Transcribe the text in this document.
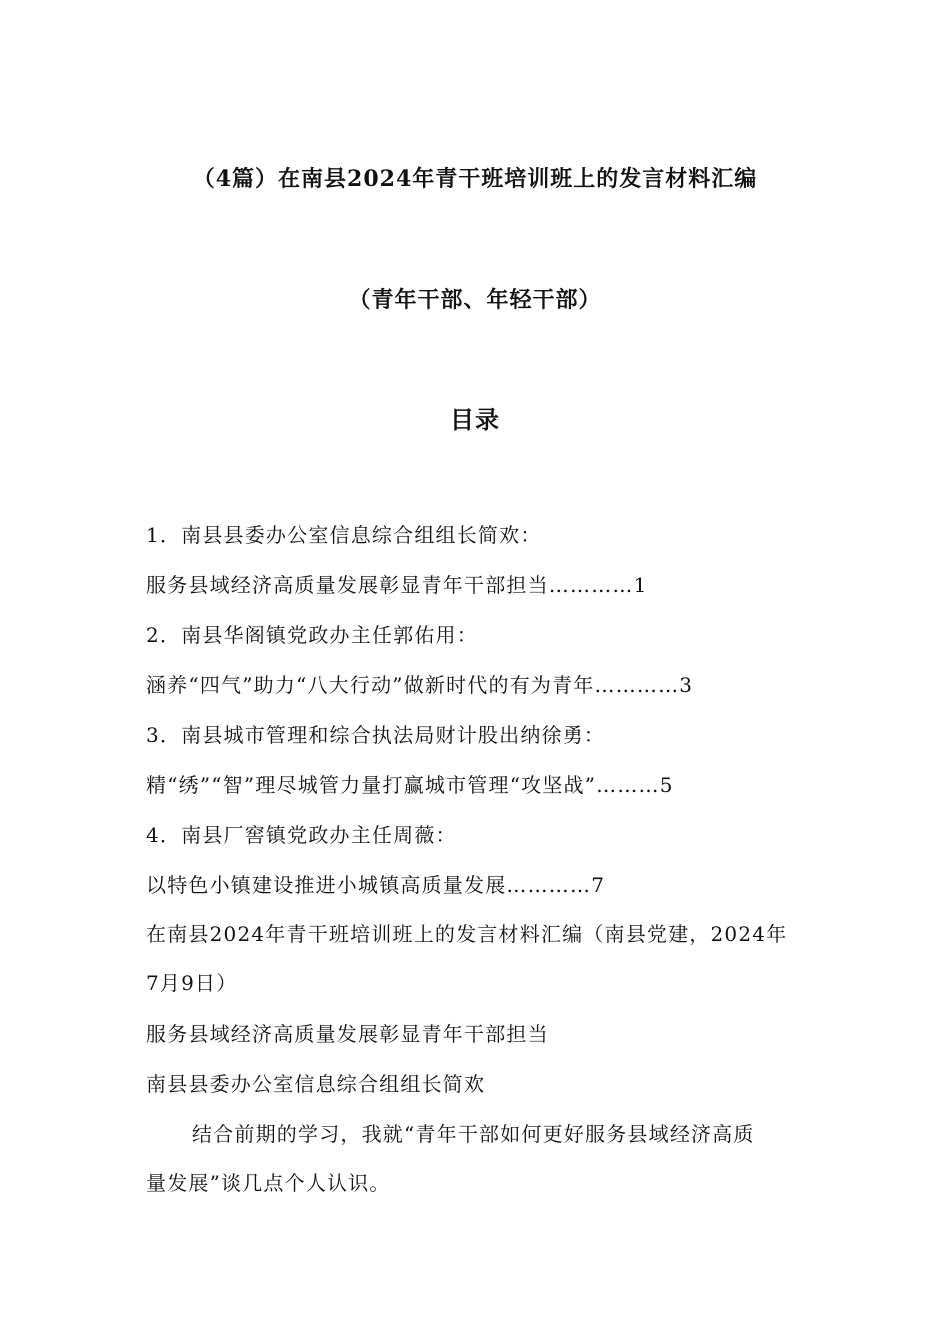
（4篇）在南县2024年青干班培训班上的发言材料汇编
（青年干部、年轻干部）
目录
1．南县县委办公室信息综合组组长简欢：
服务县域经济高质量发展彰显青年干部担当…………1
2．南县华阁镇党政办主任郭佑用：
涵养“四气”助力“八大行动”做新时代的有为青年…………3
3．南县城市管理和综合执法局财计股出纳徐勇：
精“绣”“智”理尽城管力量打赢城市管理“攻坚战”………5
4．南县厂窖镇党政办主任周薇：
以特色小镇建设推进小城镇高质量发展…………7
在南县2024年青干班培训班上的发言材料汇编（南县党建，2024年
7月9日）
服务县域经济高质量发展彰显青年干部担当
南县县委办公室信息综合组组长简欢
结合前期的学习，我就“青年干部如何更好服务县域经济高质
量发展”谈几点个人认识。
